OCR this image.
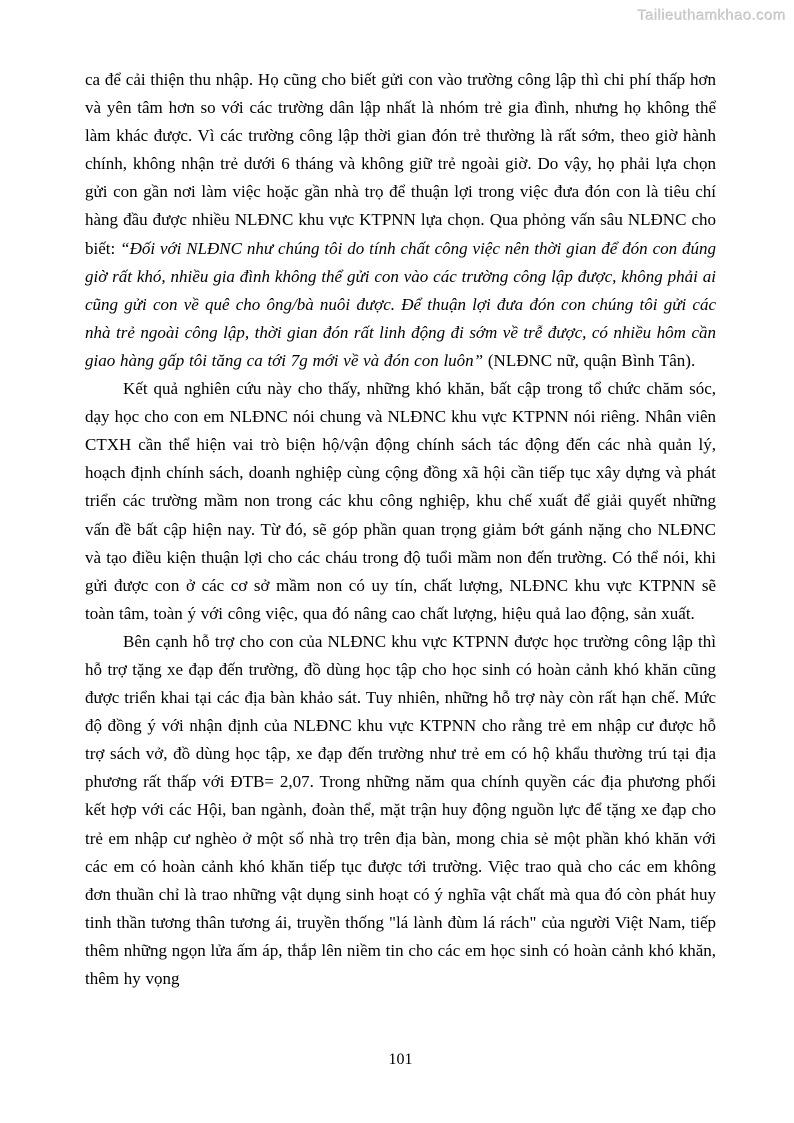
Tailieuthamkhao.com

ca để cải thiện thu nhập. Họ cũng cho biết gửi con vào trường công lập thì chi phí thấp hơn và yên tâm hơn so với các trường dân lập nhất là nhóm trẻ gia đình, nhưng họ không thể làm khác được. Vì các trường công lập thời gian đón trẻ thường là rất sớm, theo giờ hành chính, không nhận trẻ dưới 6 tháng và không giữ trẻ ngoài giờ. Do vậy, họ phải lựa chọn gửi con gần nơi làm việc hoặc gần nhà trọ để thuận lợi trong việc đưa đón con là tiêu chí hàng đầu được nhiều NLĐNC khu vực KTPNN lựa chọn. Qua phỏng vấn sâu NLĐNC cho biết: “Đối với NLĐNC như chúng tôi do tính chất công việc nên thời gian để đón con đúng giờ rất khó, nhiều gia đình không thể gửi con vào các trường công lập được, không phải ai cũng gửi con về quê cho ông/bà nuôi được. Để thuận lợi đưa đón con chúng tôi gửi các nhà trẻ ngoài công lập, thời gian đón rất linh động đi sớm về trễ được, có nhiều hôm cần giao hàng gấp tôi tăng ca tới 7g mới về và đón con luôn” (NLĐNC nữ, quận Bình Tân).

Kết quả nghiên cứu này cho thấy, những khó khăn, bất cập trong tổ chức chăm sóc, dạy học cho con em NLĐNC nói chung và NLĐNC khu vực KTPNN nói riêng. Nhân viên CTXH cần thể hiện vai trò biện hộ/vận động chính sách tác động đến các nhà quản lý, hoạch định chính sách, doanh nghiệp cùng cộng đồng xã hội cần tiếp tục xây dựng và phát triển các trường mầm non trong các khu công nghiệp, khu chế xuất để giải quyết những vấn đề bất cập hiện nay. Từ đó, sẽ góp phần quan trọng giảm bớt gánh nặng cho NLĐNC và tạo điều kiện thuận lợi cho các cháu trong độ tuổi mầm non đến trường. Có thể nói, khi gửi được con ở các cơ sở mầm non có uy tín, chất lượng, NLĐNC khu vực KTPNN sẽ toàn tâm, toàn ý với công việc, qua đó nâng cao chất lượng, hiệu quả lao động, sản xuất.

Bên cạnh hỗ trợ cho con của NLĐNC khu vực KTPNN được học trường công lập thì hỗ trợ tặng xe đạp đến trường, đồ dùng học tập cho học sinh có hoàn cảnh khó khăn cũng được triển khai tại các địa bàn khảo sát. Tuy nhiên, những hỗ trợ này còn rất hạn chế. Mức độ đồng ý với nhận định của NLĐNC khu vực KTPNN cho rằng trẻ em nhập cư được hỗ trợ sách vở, đồ dùng học tập, xe đạp đến trường như trẻ em có hộ khẩu thường trú tại địa phương rất thấp với ĐTB= 2,07. Trong những năm qua chính quyền các địa phương phối kết hợp với các Hội, ban ngành, đoàn thể, mặt trận huy động nguồn lực để tặng xe đạp cho trẻ em nhập cư nghèo ở một số nhà trọ trên địa bàn, mong chia sẻ một phần khó khăn với các em có hoàn cảnh khó khăn tiếp tục được tới trường. Việc trao quà cho các em không đơn thuần chỉ là trao những vật dụng sinh hoạt có ý nghĩa vật chất mà qua đó còn phát huy tinh thần tương thân tương ái, truyền thống "lá lành đùm lá rách" của người Việt Nam, tiếp thêm những ngọn lửa ấm áp, thắp lên niềm tin cho các em học sinh có hoàn cảnh khó khăn, thêm hy vọng

101
